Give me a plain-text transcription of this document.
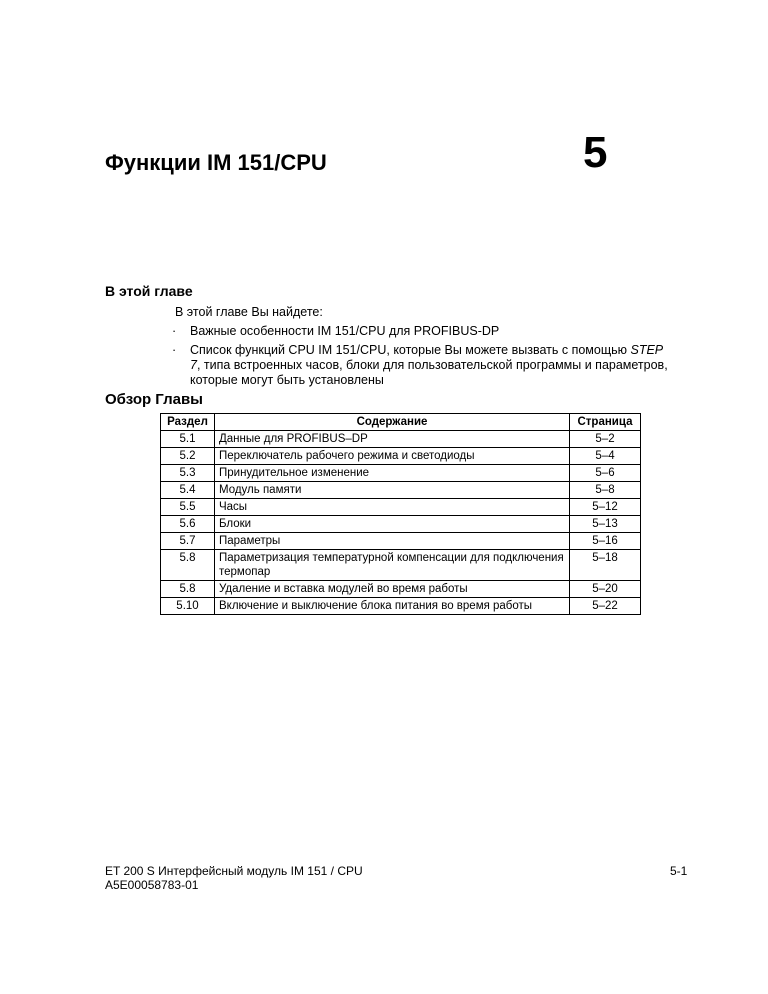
Функции IM 151/CPU	5
В этой главе

В этой главе Вы найдете:

· Важные особенности IM 151/CPU для PROFIBUS-DP
· Список функций CPU IM 151/CPU, которые Вы можете вызвать с помощью STEP 7, типа встроенных часов, блоки для пользовательской программы и параметров, которые могут быть установлены
Обзор Главы
Раздел	Содержание	Страница
5.1	Данные для PROFIBUS–DP	5–2
5.2	Переключатель рабочего режима и светодиоды	5–4
5.3	Принудительное изменение	5–6
5.4	Модуль памяти	5–8
5.5	Часы	5–12
5.6	Блоки	5–13
5.7	Параметры	5–16
5.8	Параметризация температурной компенсации для подключения термопар	5–18
5.8	Удаление и вставка модулей во время работы	5–20
5.10	Включение и выключение блока питания во время работы	5–22
ET 200 S Интерфейсный модуль IM 151 / CPU
A5E00058783-01
5-1
